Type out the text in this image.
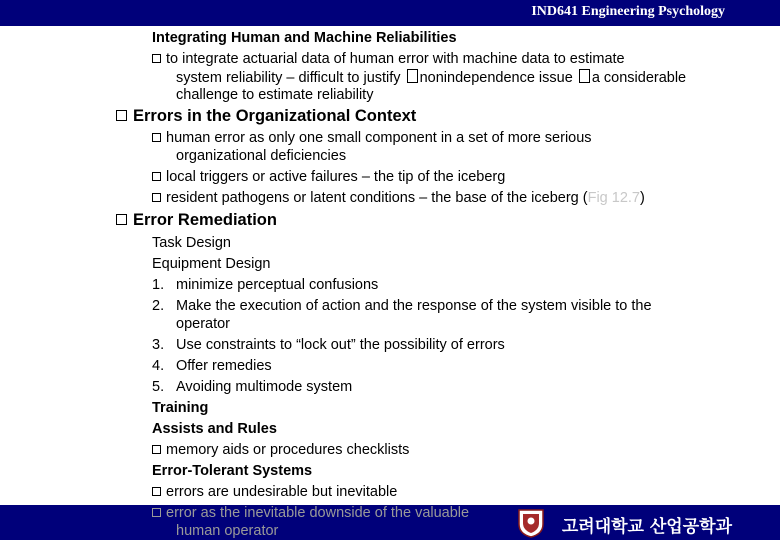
IND641 Engineering Psychology
Integrating Human and Machine Reliabilities
to integrate actuarial data of human error with machine data to estimate
system reliability – difficult to justify nonindependence issue a considerable
challenge to estimate reliability
Errors in the Organizational Context
human error as only one small component in a set of more serious
organizational deficiencies
local triggers or active failures – the tip of the iceberg
resident pathogens or latent conditions – the base of the iceberg (Fig 12.7)
Error Remediation
Task Design
Equipment Design
1. minimize perceptual confusions
2. Make the execution of action and the response of the system visible to the
operator
3. Use constraints to “lock out” the possibility of errors
4. Offer remedies
5. Avoiding multimode system
Training
Assists and Rules
memory aids or procedures checklists
Error-Tolerant Systems
errors are undesirable but inevitable
error as the inevitable downside of the valuable
human operator	고려대학교 산업공학과
